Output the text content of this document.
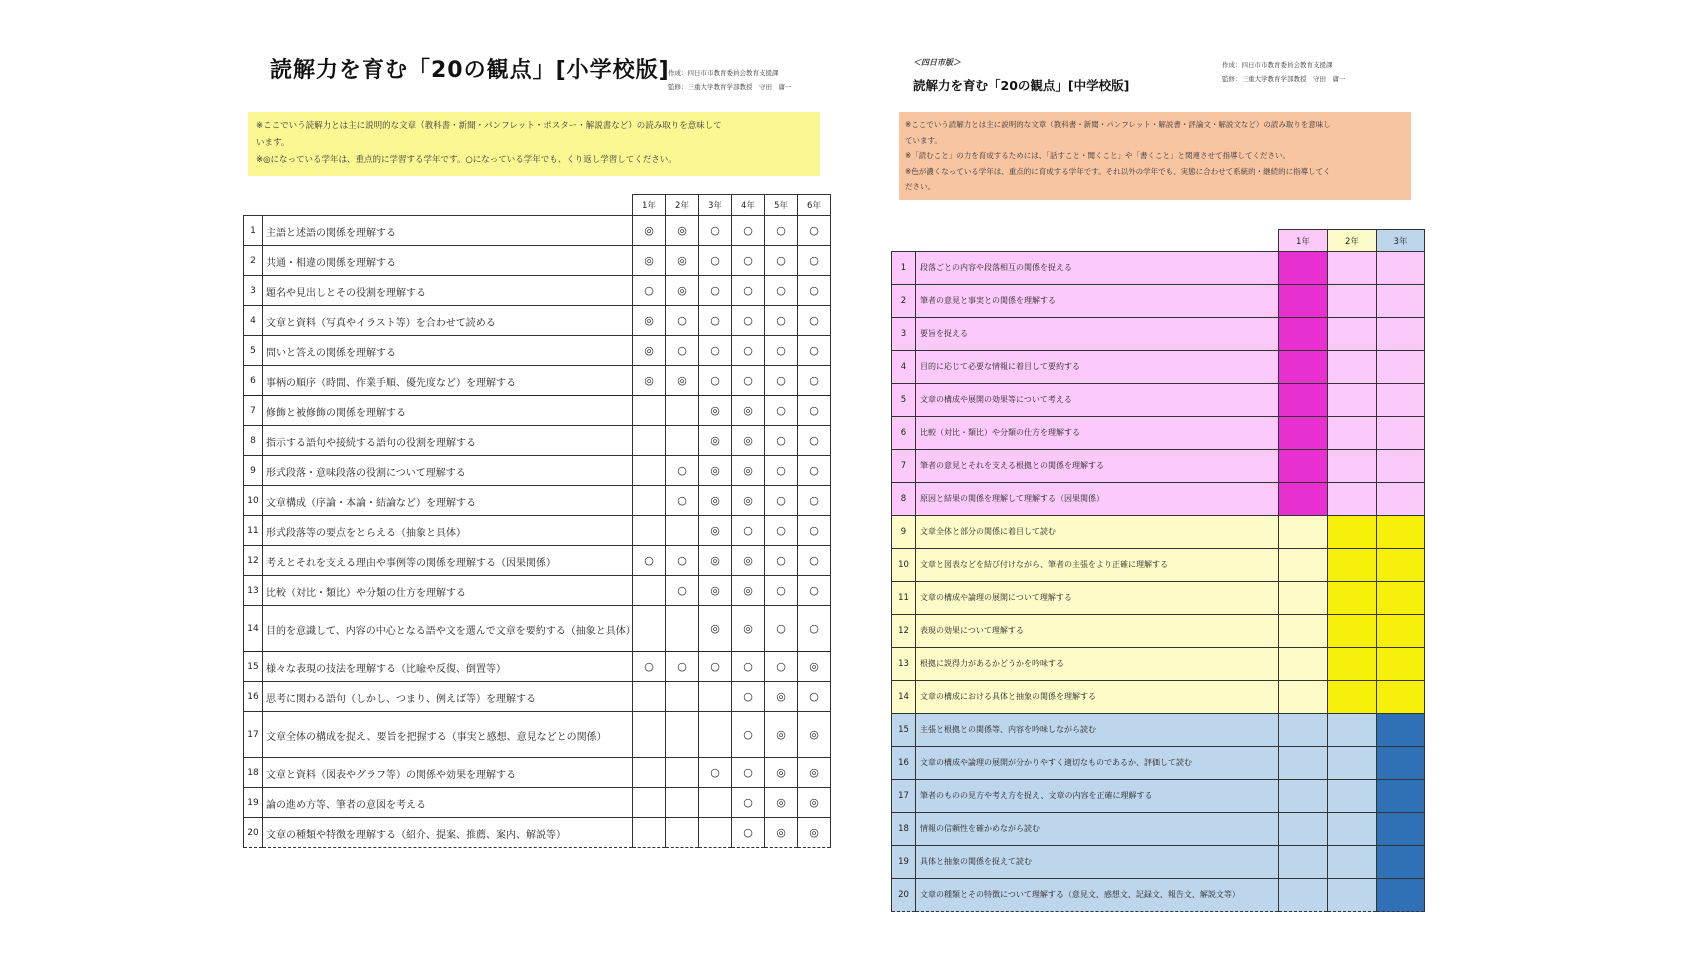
読解力を育む「20の観点」[小学校版]
作成：四日市市教育委員会教育支援課
監修：三重大学教育学部教授　守田　庸一
※ここでいう読解力とは主に説明的な文章（教科書・新聞・パンフレット・ポスター・解説書など）の読み取りを意味して
います。
※◎になっている学年は、重点的に学習する学年です。○になっている学年でも、くり返し学習してください。
		1年	2年	3年	4年	5年	6年
1	主語と述語の関係を理解する	◎	◎	○	○	○	○
2	共通・相違の関係を理解する	◎	◎	○	○	○	○
3	題名や見出しとその役割を理解する	○	◎	○	○	○	○
4	文章と資料（写真やイラスト等）を合わせて読める	◎	○	○	○	○	○
5	問いと答えの関係を理解する	◎	○	○	○	○	○
6	事柄の順序（時間、作業手順、優先度など）を理解する	◎	◎	○	○	○	○
7	修飾と被修飾の関係を理解する			◎	◎	○	○
8	指示する語句や接続する語句の役割を理解する			◎	◎	○	○
9	形式段落・意味段落の役割について理解する		○	◎	◎	○	○
10	文章構成（序論・本論・結論など）を理解する		○	◎	◎	○	○
11	形式段落等の要点をとらえる（抽象と具体）			◎	○	○	○
12	考えとそれを支える理由や事例等の関係を理解する（因果関係）	○	○	◎	◎	○	○
13	比較（対比・類比）や分類の仕方を理解する		○	◎	◎	○	○
14	目的を意識して、内容の中心となる語や文を選んで文章を要約する（抽象と具体）			◎	◎	○	○
15	様々な表現の技法を理解する（比喩や反復、倒置等）	○	○	○	○	○	◎
16	思考に関わる語句（しかし、つまり、例えば等）を理解する				○	◎	○
17	文章全体の構成を捉え、要旨を把握する（事実と感想、意見などとの関係）				○	◎	◎
18	文章と資料（図表やグラフ等）の関係や効果を理解する			○	○	◎	◎
19	論の進め方等、筆者の意図を考える				○	◎	◎
20	文章の種類や特徴を理解する（紹介、提案、推薦、案内、解説等）				○	◎	◎
＜四日市版＞
読解力を育む「20の観点」[中学校版]
作成：四日市市教育委員会教育支援課
監修：三重大学教育学部教授　守田　庸一
※ここでいう読解力とは主に説明的な文章（教科書・新聞・パンフレット・解説書・評論文・解説文など）の読み取りを意味し
ています。
※「読むこと」の力を育成するためには、「話すこと・聞くこと」や「書くこと」と関連させて指導してください。
※色が濃くなっている学年は、重点的に育成する学年です。それ以外の学年でも、実態に合わせて系統的・継続的に指導してく
ださい。
		1年	2年	3年
1	段落ごとの内容や段落相互の関係を捉える			
2	筆者の意見と事実との関係を理解する			
3	要旨を捉える			
4	目的に応じて必要な情報に着目して要約する			
5	文章の構成や展開の効果等について考える			
6	比較（対比・類比）や分類の仕方を理解する			
7	筆者の意見とそれを支える根拠との関係を理解する			
8	原因と結果の関係を理解して理解する（因果関係）			
9	文章全体と部分の関係に着目して読む			
10	文章と図表などを結び付けながら、筆者の主張をより正確に理解する			
11	文章の構成や論理の展開について理解する			
12	表現の効果について理解する			
13	根拠に説得力があるかどうかを吟味する			
14	文章の構成における具体と抽象の関係を理解する			
15	主張と根拠との関係等、内容を吟味しながら読む			
16	文章の構成や論理の展開が分かりやすく適切なものであるか、評価して読む			
17	筆者のものの見方や考え方を捉え、文章の内容を正確に理解する			
18	情報の信頼性を確かめながら読む			
19	具体と抽象の関係を捉えて読む			
20	文章の種類とその特徴について理解する（意見文、感想文、記録文、報告文、解説文等）			
